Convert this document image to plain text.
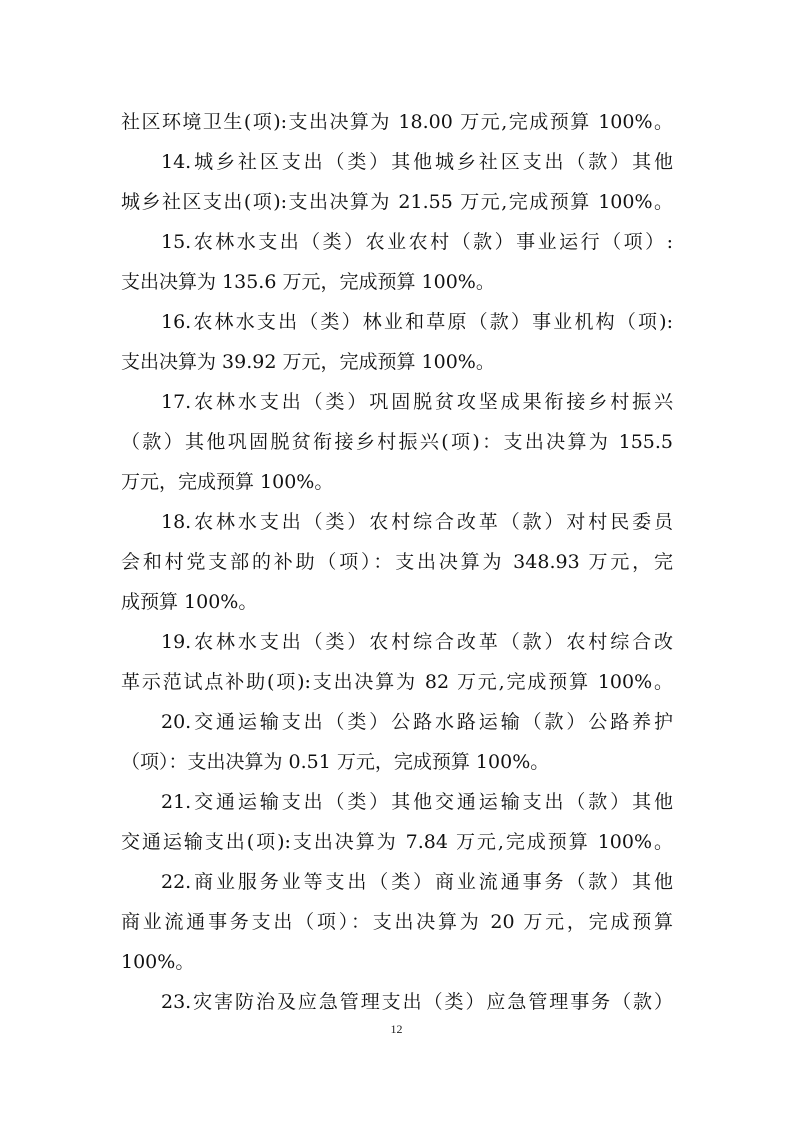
社区环境卫生(项):支出决算为 18.00 万元,完成预算 100%。
14.城乡社区支出（类）其他城乡社区支出（款）其他
城乡社区支出(项):支出决算为 21.55 万元,完成预算 100%。
15.农林水支出（类）农业农村（款）事业运行（项）:
支出决算为 135.6 万元，完成预算 100%。
16.农林水支出（类）林业和草原（款）事业机构（项):
支出决算为 39.92 万元，完成预算 100%。
17.农林水支出（类）巩固脱贫攻坚成果衔接乡村振兴
（款）其他巩固脱贫衔接乡村振兴(项)：支出决算为 155.5
万元，完成预算 100%。
18.农林水支出（类）农村综合改革（款）对村民委员
会和村党支部的补助（项）：支出决算为 348.93 万元，完
成预算 100%。
19.农林水支出（类）农村综合改革（款）农村综合改
革示范试点补助(项):支出决算为 82 万元,完成预算 100%。
20.交通运输支出（类）公路水路运输（款）公路养护
（项）：支出决算为 0.51 万元，完成预算 100%。
21.交通运输支出（类）其他交通运输支出（款）其他
交通运输支出(项):支出决算为 7.84 万元,完成预算 100%。
22.商业服务业等支出（类）商业流通事务（款）其他
商业流通事务支出（项）：支出决算为 20 万元，完成预算
100%。
23.灾害防治及应急管理支出（类）应急管理事务（款）
12
